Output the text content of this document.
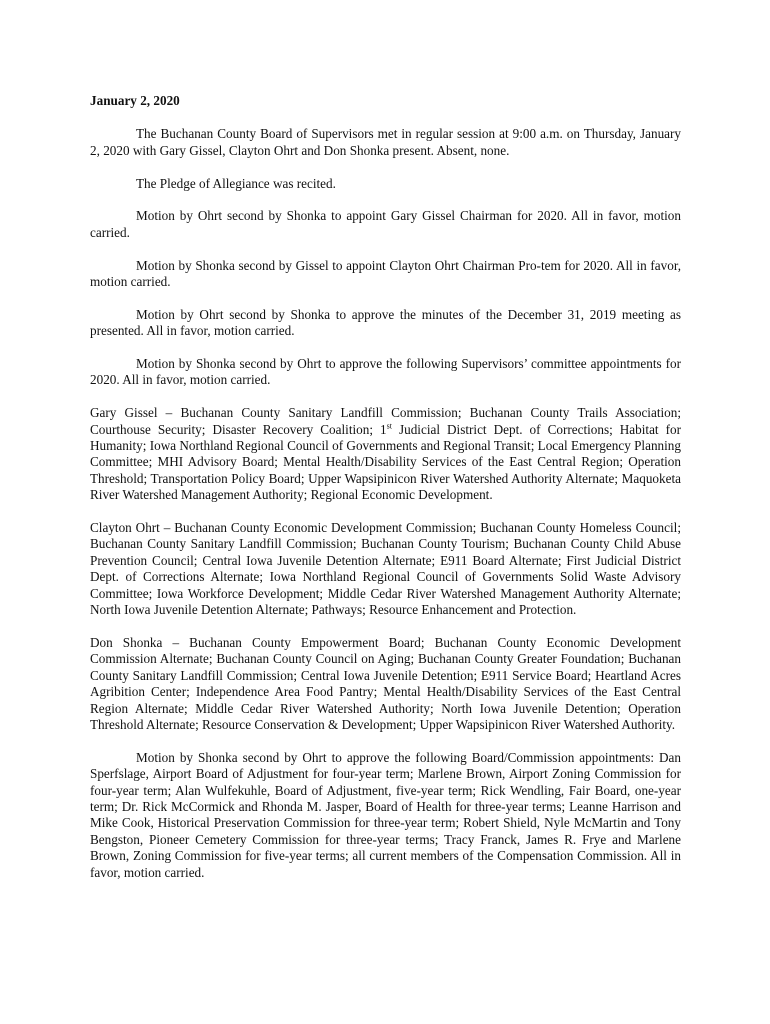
January 2, 2020

The Buchanan County Board of Supervisors met in regular session at 9:00 a.m. on Thursday, January 2, 2020 with Gary Gissel, Clayton Ohrt and Don Shonka present. Absent, none.

The Pledge of Allegiance was recited.

Motion by Ohrt second by Shonka to appoint Gary Gissel Chairman for 2020. All in favor, motion carried.

Motion by Shonka second by Gissel to appoint Clayton Ohrt Chairman Pro-tem for 2020. All in favor, motion carried.

Motion by Ohrt second by Shonka to approve the minutes of the December 31, 2019 meeting as presented. All in favor, motion carried.

Motion by Shonka second by Ohrt to approve the following Supervisors’ committee appointments for 2020. All in favor, motion carried.

Gary Gissel – Buchanan County Sanitary Landfill Commission; Buchanan County Trails Association; Courthouse Security; Disaster Recovery Coalition; 1st Judicial District Dept. of Corrections; Habitat for Humanity; Iowa Northland Regional Council of Governments and Regional Transit; Local Emergency Planning Committee; MHI Advisory Board; Mental Health/Disability Services of the East Central Region; Operation Threshold; Transportation Policy Board; Upper Wapsipinicon River Watershed Authority Alternate; Maquoketa River Watershed Management Authority; Regional Economic Development.

Clayton Ohrt – Buchanan County Economic Development Commission; Buchanan County Homeless Council; Buchanan County Sanitary Landfill Commission; Buchanan County Tourism; Buchanan County Child Abuse Prevention Council; Central Iowa Juvenile Detention Alternate; E911 Board Alternate; First Judicial District Dept. of Corrections Alternate; Iowa Northland Regional Council of Governments Solid Waste Advisory Committee; Iowa Workforce Development; Middle Cedar River Watershed Management Authority Alternate; North Iowa Juvenile Detention Alternate; Pathways; Resource Enhancement and Protection.

Don Shonka – Buchanan County Empowerment Board; Buchanan County Economic Development Commission Alternate; Buchanan County Council on Aging; Buchanan County Greater Foundation; Buchanan County Sanitary Landfill Commission; Central Iowa Juvenile Detention; E911 Service Board; Heartland Acres Agribition Center; Independence Area Food Pantry; Mental Health/Disability Services of the East Central Region Alternate; Middle Cedar River Watershed Authority; North Iowa Juvenile Detention; Operation Threshold Alternate; Resource Conservation & Development; Upper Wapsipinicon River Watershed Authority.

Motion by Shonka second by Ohrt to approve the following Board/Commission appointments: Dan Sperfslage, Airport Board of Adjustment for four-year term; Marlene Brown, Airport Zoning Commission for four-year term; Alan Wulfekuhle, Board of Adjustment, five-year term; Rick Wendling, Fair Board, one-year term; Dr. Rick McCormick and Rhonda M. Jasper, Board of Health for three-year terms; Leanne Harrison and Mike Cook, Historical Preservation Commission for three-year term; Robert Shield, Nyle McMartin and Tony Bengston, Pioneer Cemetery Commission for three-year terms; Tracy Franck, James R. Frye and Marlene Brown, Zoning Commission for five-year terms; all current members of the Compensation Commission. All in favor, motion carried.
